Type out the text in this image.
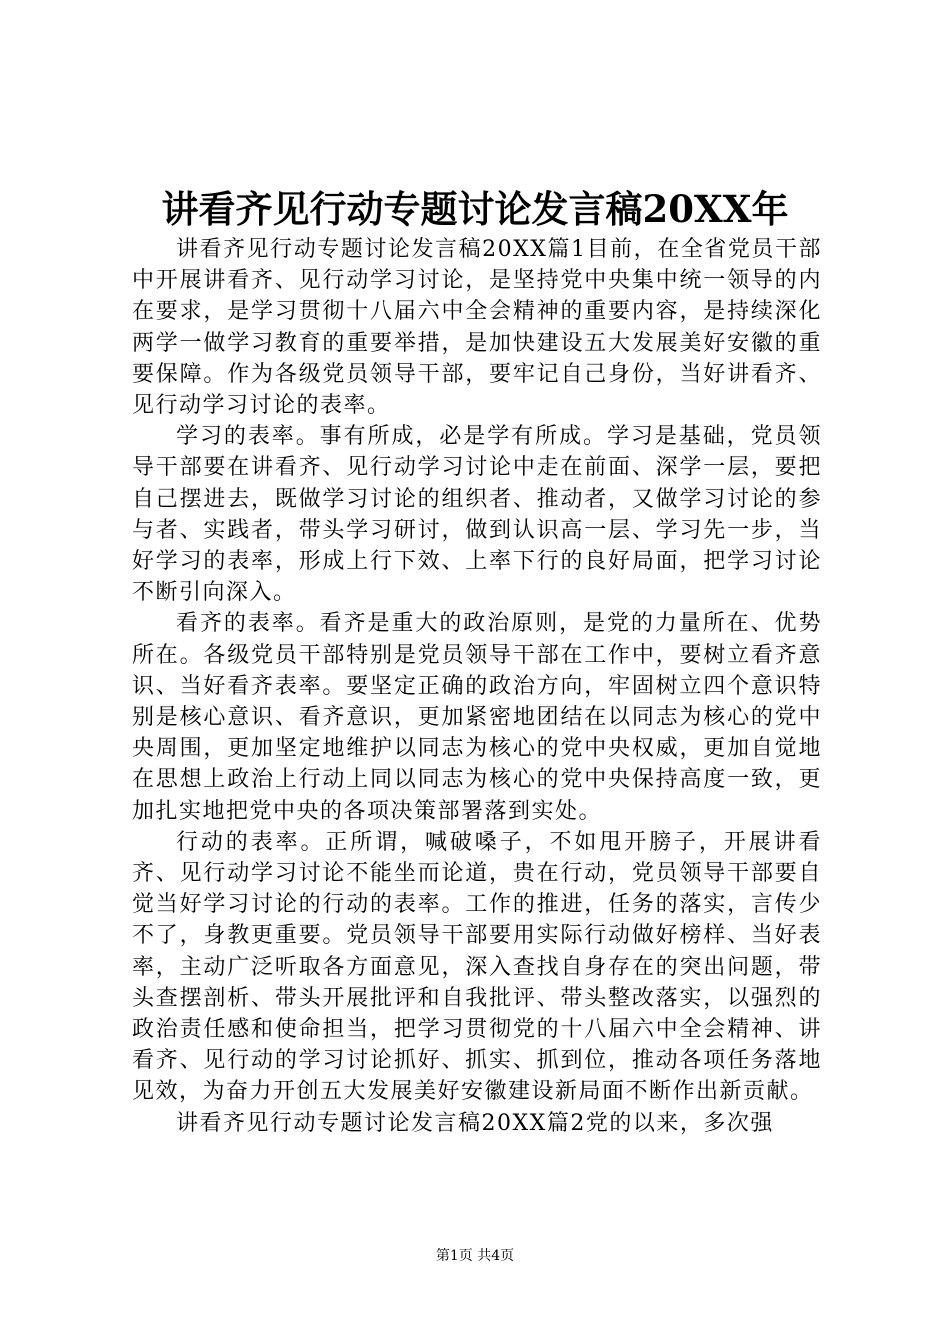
讲看齐见行动专题讨论发言稿20XX年

讲看齐见行动专题讨论发言稿20XX篇1目前，在全省党员干部中开展讲看齐、见行动学习讨论，是坚持党中央集中统一领导的内在要求，是学习贯彻十八届六中全会精神的重要内容，是持续深化两学一做学习教育的重要举措，是加快建设五大发展美好安徽的重要保障。作为各级党员领导干部，要牢记自己身份，当好讲看齐、见行动学习讨论的表率。

学习的表率。事有所成，必是学有所成。学习是基础，党员领导干部要在讲看齐、见行动学习讨论中走在前面、深学一层，要把自己摆进去，既做学习讨论的组织者、推动者，又做学习讨论的参与者、实践者，带头学习研讨，做到认识高一层、学习先一步，当好学习的表率，形成上行下效、上率下行的良好局面，把学习讨论不断引向深入。

看齐的表率。看齐是重大的政治原则，是党的力量所在、优势所在。各级党员干部特别是党员领导干部在工作中，要树立看齐意识、当好看齐表率。要坚定正确的政治方向，牢固树立四个意识特别是核心意识、看齐意识，更加紧密地团结在以同志为核心的党中央周围，更加坚定地维护以同志为核心的党中央权威，更加自觉地在思想上政治上行动上同以同志为核心的党中央保持高度一致，更加扎实地把党中央的各项决策部署落到实处。

行动的表率。正所谓，喊破嗓子，不如甩开膀子，开展讲看齐、见行动学习讨论不能坐而论道，贵在行动，党员领导干部要自觉当好学习讨论的行动的表率。工作的推进，任务的落实，言传少不了，身教更重要。党员领导干部要用实际行动做好榜样、当好表率，主动广泛听取各方面意见，深入查找自身存在的突出问题，带头查摆剖析、带头开展批评和自我批评、带头整改落实，以强烈的政治责任感和使命担当，把学习贯彻党的十八届六中全会精神、讲看齐、见行动的学习讨论抓好、抓实、抓到位，推动各项任务落地见效，为奋力开创五大发展美好安徽建设新局面不断作出新贡献。

讲看齐见行动专题讨论发言稿20XX篇2党的以来，多次强

第1页 共4页
